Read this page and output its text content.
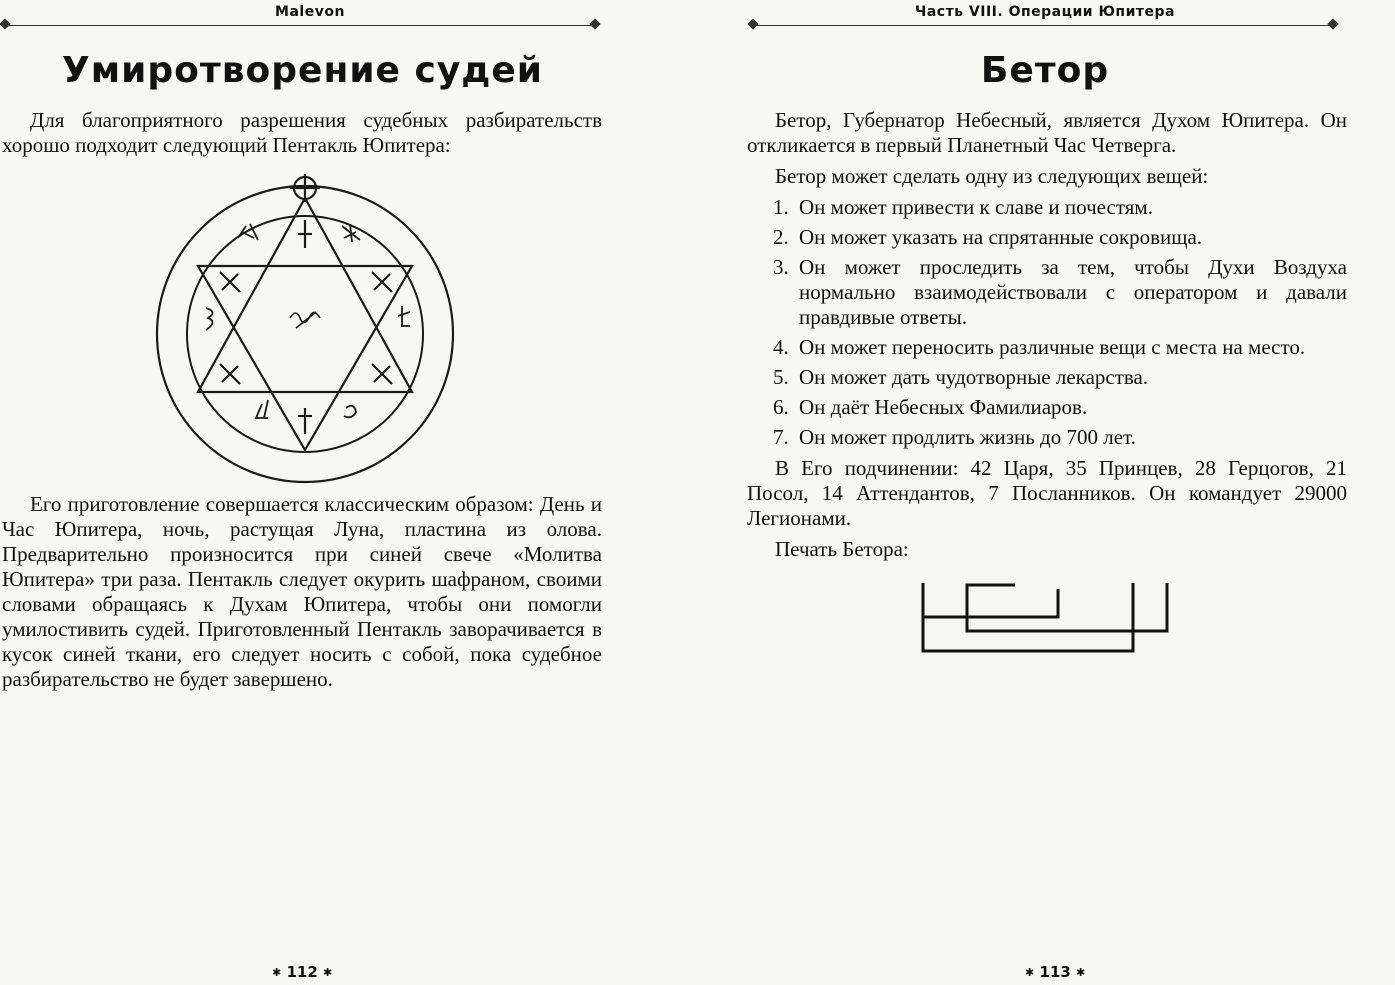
Malevon
Умиротворение судей

Для благоприятного разрешения судебных разбирательств хорошо подходит следующий Пентакль Юпитера:

Его приготовление совершается классическим образом: День и Час Юпитера, ночь, растущая Луна, пластина из олова. Предварительно произносится при синей свече «Молитва Юпитера» три раза. Пентакль следует окурить шафраном, своими словами обращаясь к Духам Юпитера, чтобы они помогли умилостивить судей. Приготовленный Пентакль заворачивается в кусок синей ткани, его следует носить с собой, пока судебное разбирательство не будет завершено.

✱ 112 ✱
Часть VIII. Операции Юпитера
Бетор

Бетор, Губернатор Небесный, является Духом Юпитера. Он откликается в первый Планетный Час Четверга.

Бетор может сделать одну из следующих вещей:

1. Он может привести к славе и почестям.
2. Он может указать на спрятанные сокровища.
3. Он может проследить за тем, чтобы Духи Воздуха нормально взаимодействовали с оператором и давали правдивые ответы.
4. Он может переносить различные вещи с места на место.
5. Он может дать чудотворные лекарства.
6. Он даёт Небесных Фамилиаров.
7. Он может продлить жизнь до 700 лет.

В Его подчинении: 42 Царя, 35 Принцев, 28 Герцогов, 21 Посол, 14 Аттендантов, 7 Посланников. Он командует 29000 Легионами.

Печать Бетора:

✱ 113 ✱
